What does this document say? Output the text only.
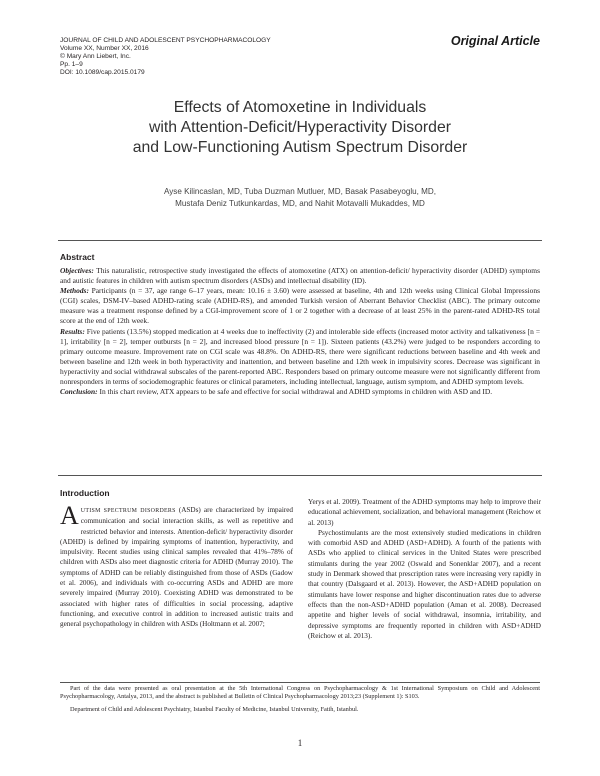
JOURNAL OF CHILD AND ADOLESCENT PSYCHOPHARMACOLOGY
Volume XX, Number XX, 2016
© Mary Ann Liebert, Inc.
Pp. 1–9
DOI: 10.1089/cap.2015.0179
Original Article
Effects of Atomoxetine in Individuals
with Attention-Deficit/Hyperactivity Disorder
and Low-Functioning Autism Spectrum Disorder
Ayse Kilincaslan, MD, Tuba Duzman Mutluer, MD, Basak Pasabeyoglu, MD,
Mustafa Deniz Tutkunkardas, MD, and Nahit Motavalli Mukaddes, MD
Abstract

Objectives: This naturalistic, retrospective study investigated the effects of atomoxetine (ATX) on attention-deficit/ hyperactivity disorder (ADHD) symptoms and autistic features in children with autism spectrum disorders (ASDs) and intellectual disability (ID).

Methods: Participants (n = 37, age range 6–17 years, mean: 10.16 ± 3.60) were assessed at baseline, 4th and 12th weeks using Clinical Global Impressions (CGI) scales, DSM-IV–based ADHD-rating scale (ADHD-RS), and amended Turkish version of Aberrant Behavior Checklist (ABC). The primary outcome measure was a treatment response defined by a CGI-improvement score of 1 or 2 together with a decrease of at least 25% in the parent-rated ADHD-RS total score at the end of 12th week.

Results: Five patients (13.5%) stopped medication at 4 weeks due to ineffectivity (2) and intolerable side effects (increased motor activity and talkativeness [n = 1], irritability [n = 2], temper outbursts [n = 2], and increased blood pressure [n = 1]). Sixteen patients (43.2%) were judged to be responders according to primary outcome measure. Improvement rate on CGI scale was 48.8%. On ADHD-RS, there were significant reductions between baseline and 4th week and between baseline and 12th week in both hyperactivity and inattention, and between baseline and 12th week in impulsivity scores. Decrease was significant in hyperactivity and social withdrawal subscales of the parent-reported ABC. Responders based on primary outcome measure were not significantly different from nonresponders in terms of sociodemographic features or clinical parameters, including intellectual, language, autism symptom, and ADHD symptom levels.

Conclusion: In this chart review, ATX appears to be safe and effective for social withdrawal and ADHD symptoms in children with ASD and ID.

Introduction

AUTISM SPECTRUM DISORDERS (ASDs) are characterized by impaired communication and social interaction skills, as well as repetitive and restricted behavior and interests. Attention-deficit/ hyperactivity disorder (ADHD) is defined by impairing symptoms of inattention, hyperactivity, and impulsivity. Recent studies using clinical samples revealed that 41%–78% of children with ASDs also meet diagnostic criteria for ADHD (Murray 2010). The symptoms of ADHD can be reliably distinguished from those of ASDs (Gadow et al. 2006), and individuals with co-occurring ASDs and ADHD are more severely impaired (Murray 2010). Coexisting ADHD was demonstrated to be associated with higher rates of difficulties in social processing, adaptive functioning, and executive control in addition to increased autistic traits and general psychopathology in children with ASDs (Holtmann et al. 2007;

Yerys et al. 2009). Treatment of the ADHD symptoms may help to improve their educational achievement, socialization, and behavioral management (Reichow et al. 2013)

Psychostimulants are the most extensively studied medications in children with comorbid ASD and ADHD (ASD+ADHD). A fourth of the patients with ASDs who applied to clinical services in the United States were prescribed stimulants during the year 2002 (Oswald and Sonenklar 2007), and a recent study in Denmark showed that prescription rates were increasing very rapidly in that country (Dalsgaard et al. 2013). However, the ASD+ADHD population on stimulants have lower response and higher discontinuation rates due to adverse effects than the non-ASD+ADHD population (Aman et al. 2008). Decreased appetite and higher levels of social withdrawal, insomnia, irritability, and depressive symptoms are frequently reported in children with ASD+ADHD (Reichow et al. 2013).

Part of the data were presented as oral presentation at the 5th International Congress on Psychopharmacology & 1st International Symposium on Child and Adolescent Psychopharmacology, Antalya, 2013, and the abstract is published at Bulletin of Clinical Psychopharmacology 2013;23 (Supplement 1): S103.

Department of Child and Adolescent Psychiatry, Istanbul Faculty of Medicine, Istanbul University, Fatih, Istanbul.

1
